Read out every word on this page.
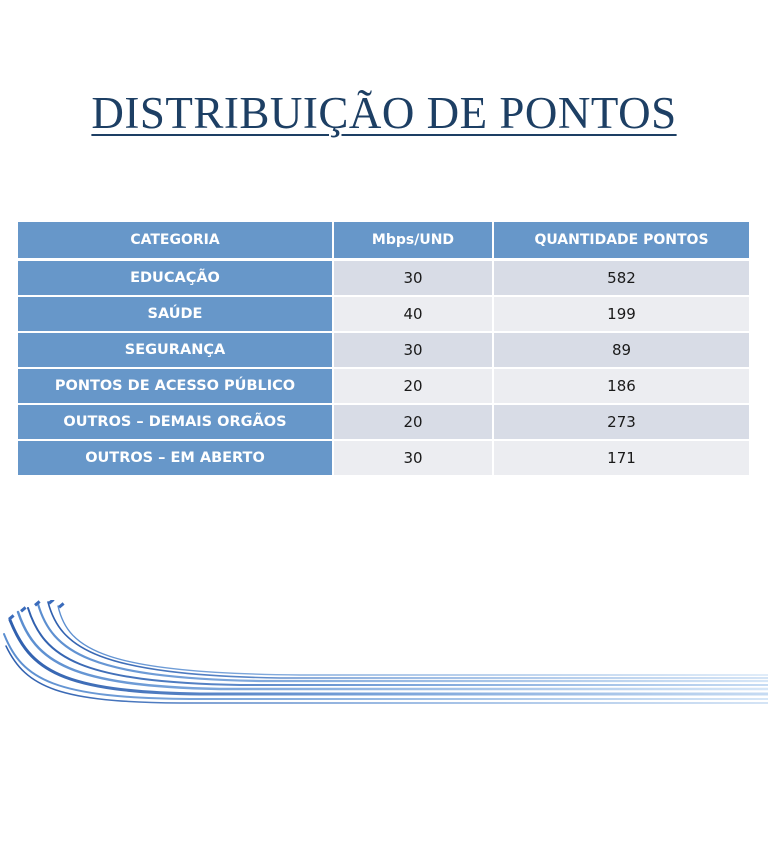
DISTRIBUIÇÃO DE PONTOS
CATEGORIA	Mbps/UND	QUANTIDADE PONTOS
EDUCAÇÃO	30	582
SAÚDE	40	199
SEGURANÇA	30	89
PONTOS DE ACESSO PÚBLICO	20	186
OUTROS – DEMAIS ORGÃOS	20	273
OUTROS – EM ABERTO	30	171
